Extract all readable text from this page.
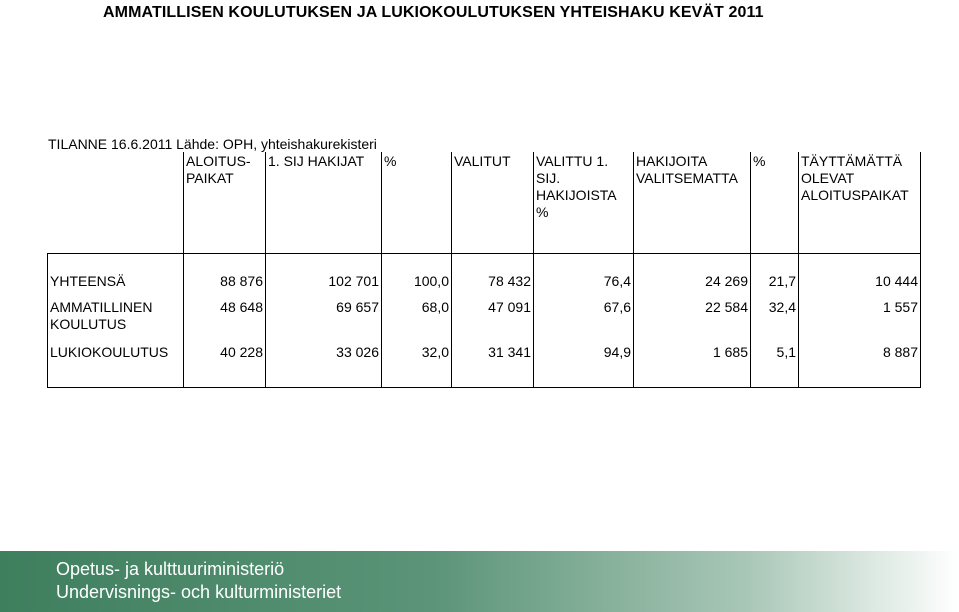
AMMATILLISEN KOULUTUKSEN JA LUKIOKOULUTUKSEN YHTEISHAKU KEVÄT 2011
TILANNE 16.6.2011 Lähde: OPH, yhteishakurekisteri
	ALOITUS-PAIKAT	1. SIJ HAKIJAT	%	VALITUT	VALITTU 1. SIJ. HAKIJOISTA %	HAKIJOITA VALITSEMATTA	%	TÄYTTÄMÄTTÄ OLEVAT ALOITUSPAIKAT
YHTEENSÄ	88 876	102 701	100,0	78 432	76,4	24 269	21,7	10 444
AMMATILLINEN KOULUTUS	48 648	69 657	68,0	47 091	67,6	22 584	32,4	1 557
LUKIOKOULUTUS	40 228	33 026	32,0	31 341	94,9	1 685	5,1	8 887
Opetus- ja kulttuuriministeriö
Undervisnings- och kulturministeriet
